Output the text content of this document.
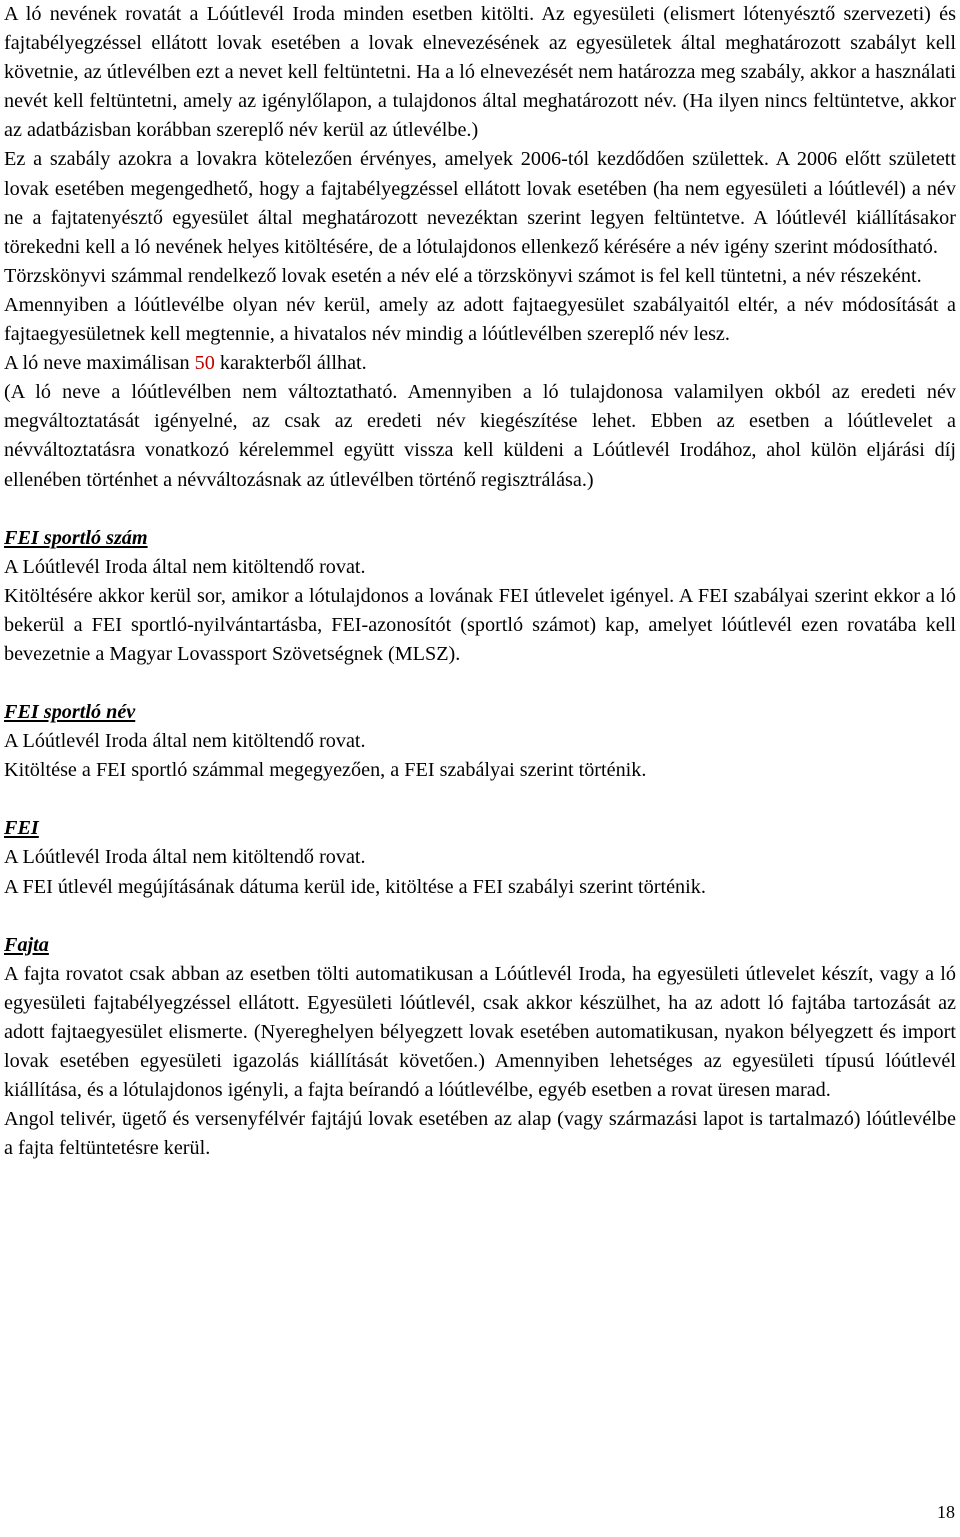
A ló nevének rovatát a Lóútlevél Iroda minden esetben kitölti. Az egyesületi (elismert lótenyésztő szervezeti) és fajtabélyegzéssel ellátott lovak esetében a lovak elnevezésének az egyesületek által meghatározott szabályt kell követnie, az útlevélben ezt a nevet kell feltüntetni. Ha a ló elnevezését nem határozza meg szabály, akkor a használati nevét kell feltüntetni, amely az igénylőlapon, a tulajdonos által meghatározott név. (Ha ilyen nincs feltüntetve, akkor az adatbázisban korábban szereplő név kerül az útlevélbe.)

Ez a szabály azokra a lovakra kötelezően érvényes, amelyek 2006-tól kezdődően születtek. A 2006 előtt született lovak esetében megengedhető, hogy a fajtabélyegzéssel ellátott lovak esetében (ha nem egyesületi a lóútlevél) a név ne a fajtatenyésztő egyesület által meghatározott nevezéktan szerint legyen feltüntetve. A lóútlevél kiállításakor törekedni kell a ló nevének helyes kitöltésére, de a lótulajdonos ellenkező kérésére a név igény szerint módosítható.

Törzskönyvi számmal rendelkező lovak esetén a név elé a törzskönyvi számot is fel kell tüntetni, a név részeként.

Amennyiben a lóútlevélbe olyan név kerül, amely az adott fajtaegyesület szabályaitól eltér, a név módosítását a fajtaegyesületnek kell megtennie, a hivatalos név mindig a lóútlevélben szereplő név lesz.

A ló neve maximálisan 50 karakterből állhat.

(A ló neve a lóútlevélben nem változtatható. Amennyiben a ló tulajdonosa valamilyen okból az eredeti név megváltoztatását igényelné, az csak az eredeti név kiegészítése lehet. Ebben az esetben a lóútlevelet a névváltoztatásra vonatkozó kérelemmel együtt vissza kell küldeni a Lóútlevél Irodához, ahol külön eljárási díj ellenében történhet a névváltozásnak az útlevélben történő regisztrálása.)

FEI sportló szám

A Lóútlevél Iroda által nem kitöltendő rovat.

Kitöltésére akkor kerül sor, amikor a lótulajdonos a lovának FEI útlevelet igényel. A FEI szabályai szerint ekkor a ló bekerül a FEI sportló-nyilvántartásba, FEI-azonosítót (sportló számot) kap, amelyet lóútlevél ezen rovatába kell bevezetnie a Magyar Lovassport Szövetségnek (MLSZ).

FEI sportló név

A Lóútlevél Iroda által nem kitöltendő rovat.

Kitöltése a FEI sportló számmal megegyezően, a FEI szabályai szerint történik.

FEI

A Lóútlevél Iroda által nem kitöltendő rovat.

A FEI útlevél megújításának dátuma kerül ide, kitöltése a FEI szabályi szerint történik.

Fajta

A fajta rovatot csak abban az esetben tölti automatikusan a Lóútlevél Iroda, ha egyesületi útlevelet készít, vagy a ló egyesületi fajtabélyegzéssel ellátott. Egyesületi lóútlevél, csak akkor készülhet, ha az adott ló fajtába tartozását az adott fajtaegyesület elismerte. (Nyereghelyen bélyegzett lovak esetében automatikusan, nyakon bélyegzett és import lovak esetében egyesületi igazolás kiállítását követően.) Amennyiben lehetséges az egyesületi típusú lóútlevél kiállítása, és a lótulajdonos igényli, a fajta beírandó a lóútlevélbe, egyéb esetben a rovat üresen marad.

Angol telivér, ügető és versenyfélvér fajtájú lovak esetében az alap (vagy származási lapot is tartalmazó) lóútlevélbe a fajta feltüntetésre kerül.

18
